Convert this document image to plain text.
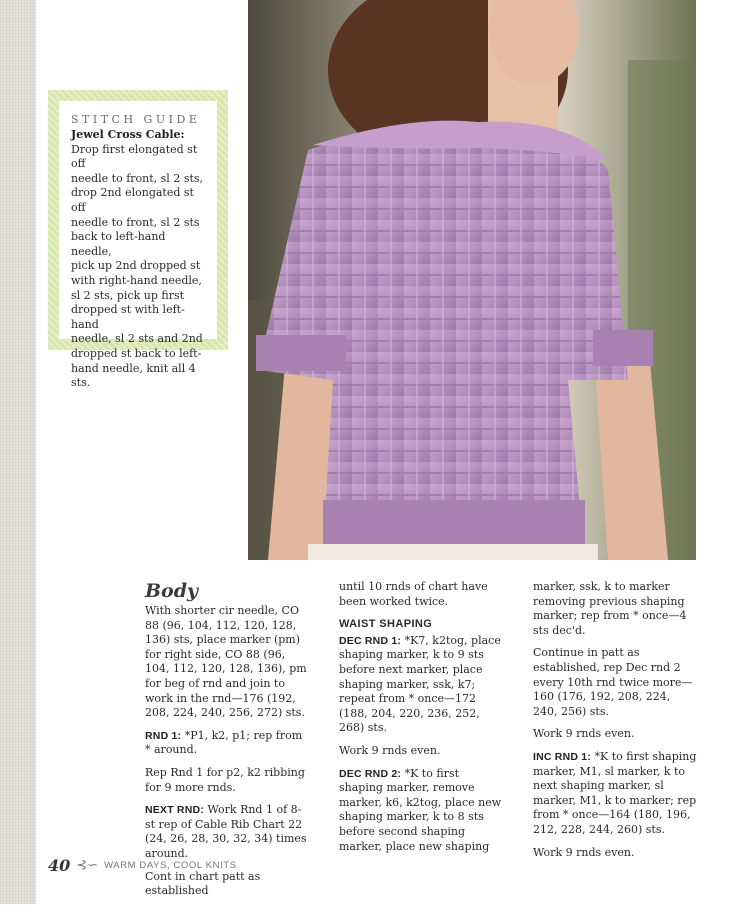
STITCH GUIDE

Jewel Cross Cable:

Drop first elongated st off

needle to front, sl 2 sts,

drop 2nd elongated st off

needle to front, sl 2 sts

back to left-hand needle,

pick up 2nd dropped st

with right-hand needle,

sl 2 sts, pick up first

dropped st with left-hand

needle, sl 2 sts and 2nd

dropped st back to left-

hand needle, knit all 4 sts.

Body

With shorter cir needle, CO 88 (96, 104, 112, 120, 128, 136) sts, place marker (pm) for right side, CO 88 (96, 104, 112, 120, 128, 136), pm for beg of rnd and join to work in the rnd—176 (192, 208, 224, 240, 256, 272) sts.

RND 1: *P1, k2, p1; rep from * around.

Rep Rnd 1 for p2, k2 ribbing for 9 more rnds.

NEXT RND: Work Rnd 1 of 8-st rep of Cable Rib Chart 22 (24, 26, 28, 30, 32, 34) times around.

Cont in chart patt as established

until 10 rnds of chart have been worked twice.

WAIST SHAPING

DEC RND 1: *K7, k2tog, place shaping marker, k to 9 sts before next marker, place shaping marker, ssk, k7; repeat from * once—172 (188, 204, 220, 236, 252, 268) sts.

Work 9 rnds even.

DEC RND 2: *K to first shaping marker, remove marker, k6, k2tog, place new shaping marker, k to 8 sts before second shaping marker, place new shaping

marker, ssk, k to marker removing previous shaping marker; rep from * once—4 sts dec'd.

Continue in patt as established, rep Dec rnd 2 every 10th rnd twice more—160 (176, 192, 208, 224, 240, 256) sts.

Work 9 rnds even.

INC RND 1: *K to first shaping marker, M1, sl marker, k to next shaping marker, sl marker, M1, k to marker; rep from * once—164 (180, 196, 212, 228, 244, 260) sts.

Work 9 rnds even.

40 ⊰∽ WARM DAYS, COOL KNITS
